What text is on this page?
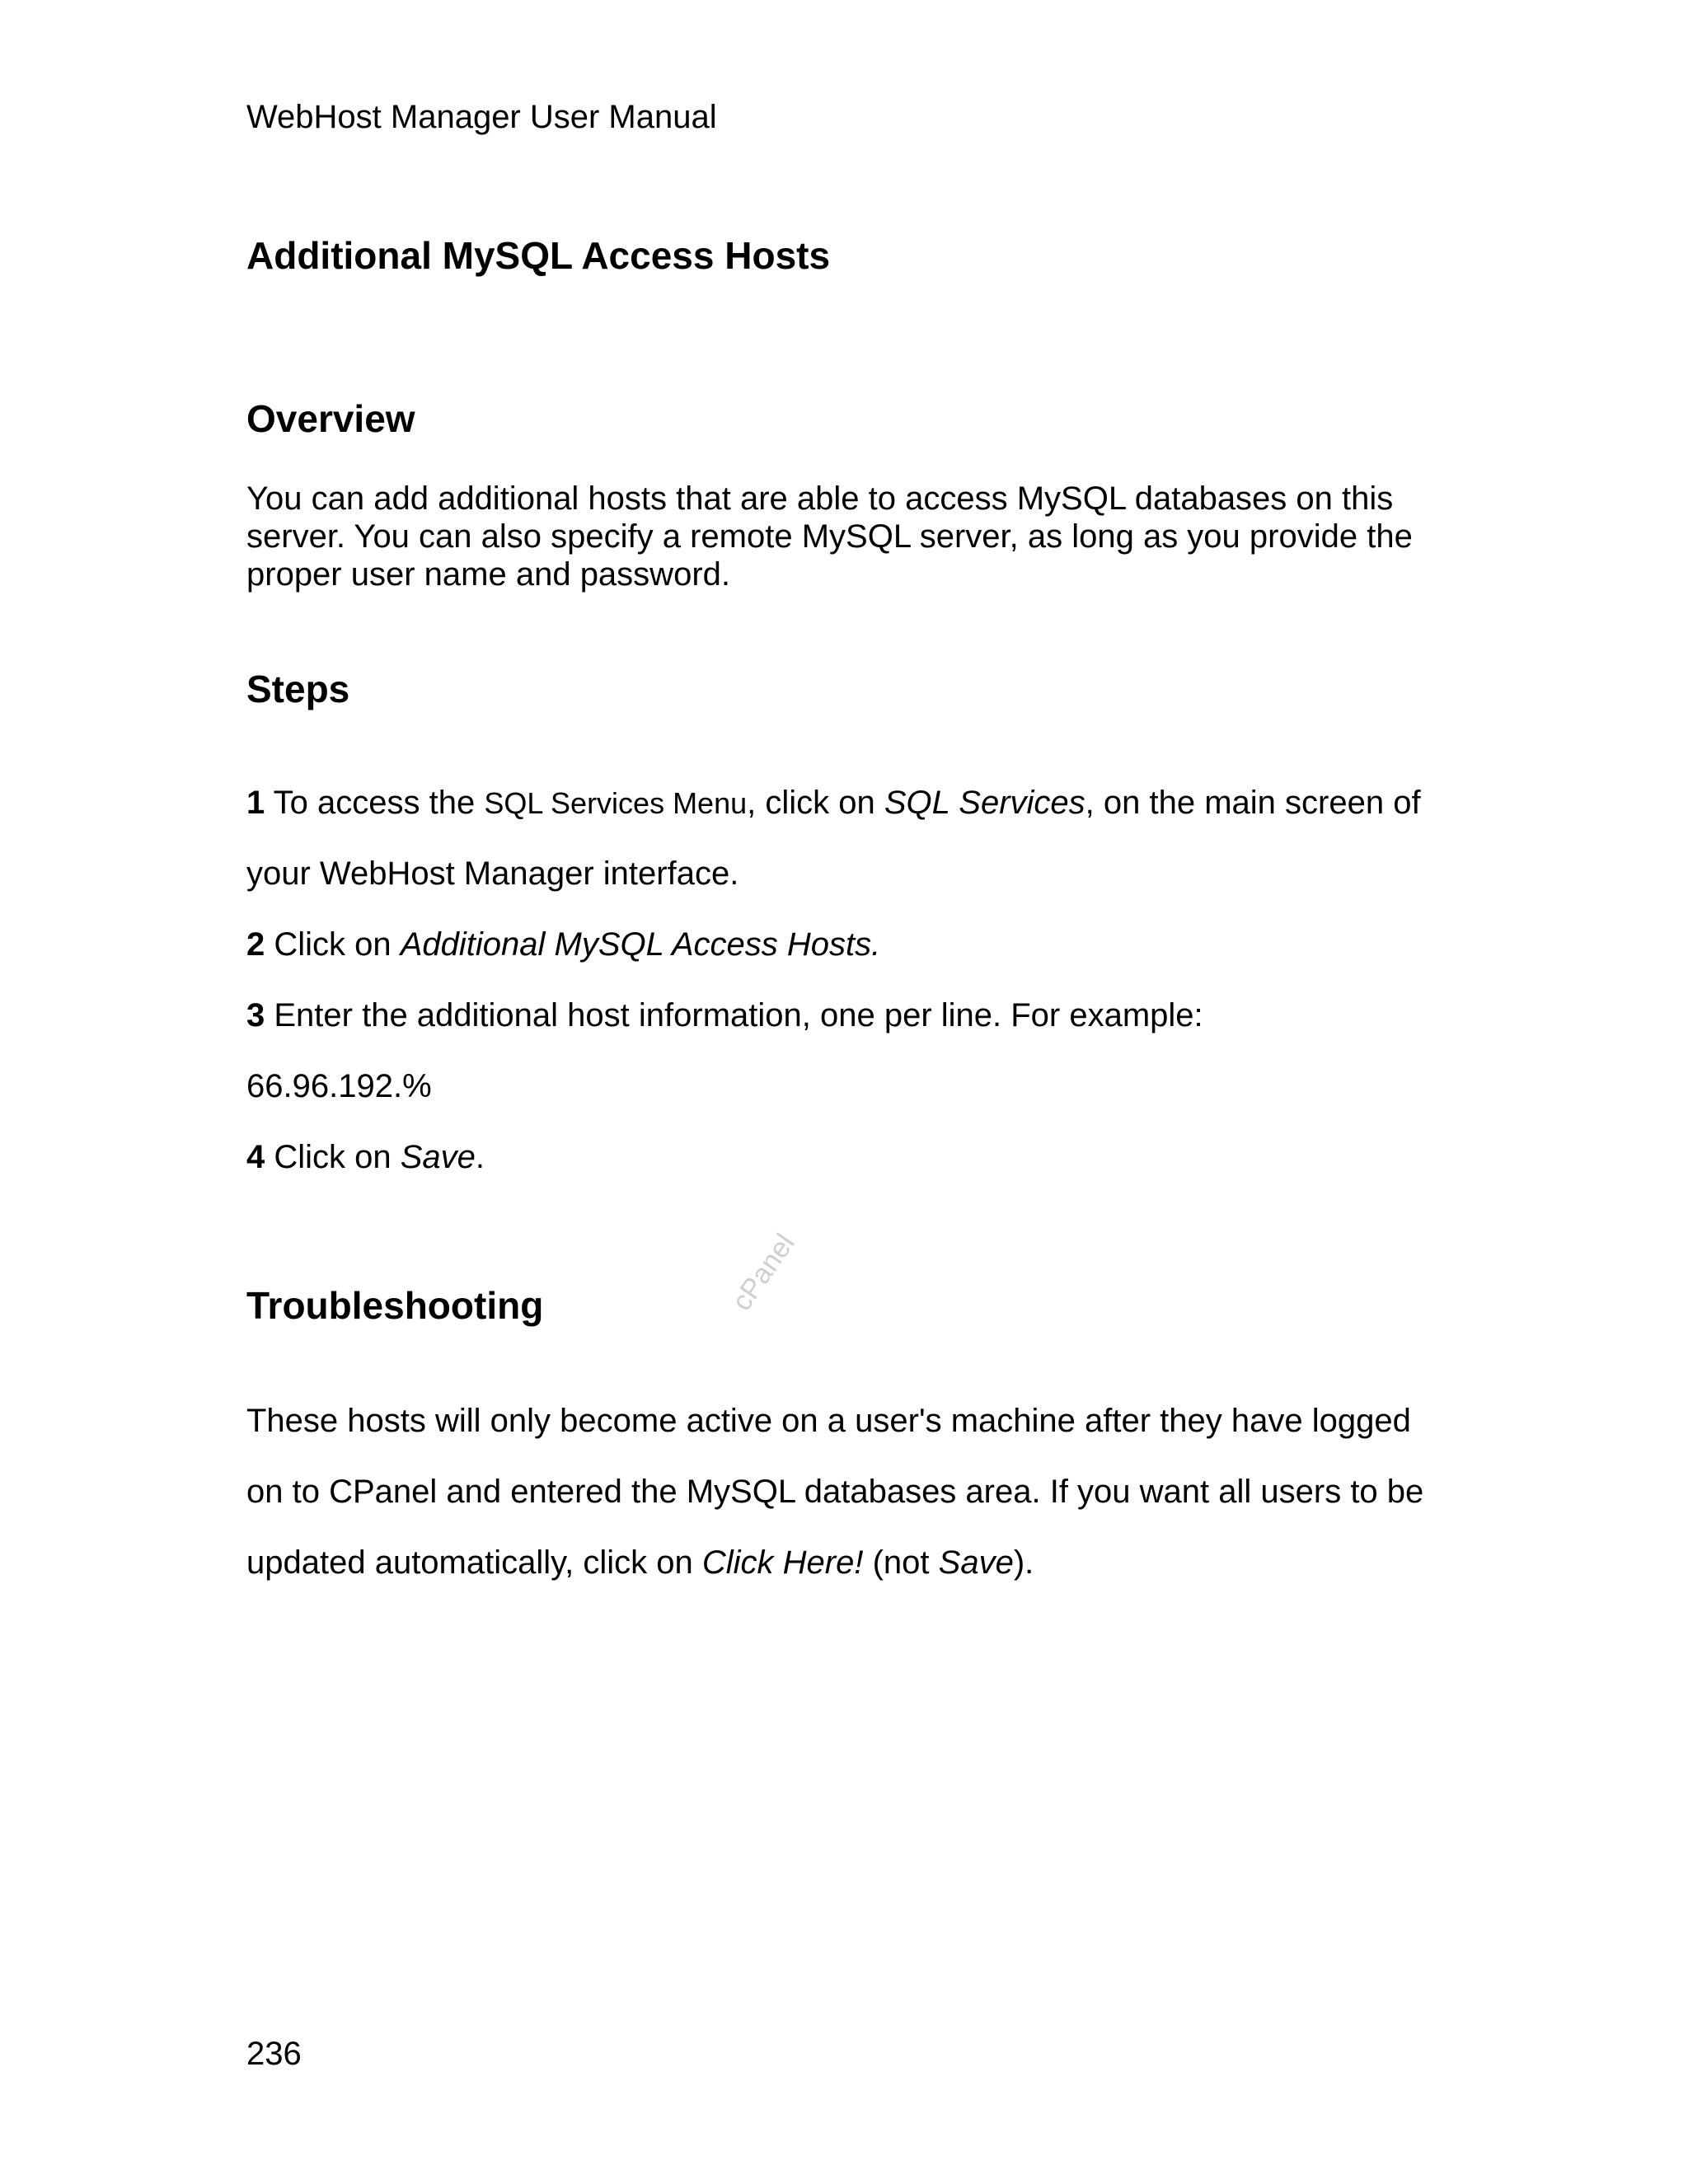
WebHost Manager User Manual
Additional MySQL Access Hosts
Overview
You can add additional hosts that are able to access MySQL databases on this
server. You can also specify a remote MySQL server, as long as you provide the
proper user name and password.
Steps
1 To access the SQL Services Menu, click on SQL Services, on the main screen of
your WebHost Manager interface.
2 Click on Additional MySQL Access Hosts.
3 Enter the additional host information, one per line. For example:
66.96.192.%
4 Click on Save.
Troubleshooting	cPanel
These hosts will only become active on a user's machine after they have logged
on to CPanel and entered the MySQL databases area. If you want all users to be
updated automatically, click on Click Here! (not Save).
236
